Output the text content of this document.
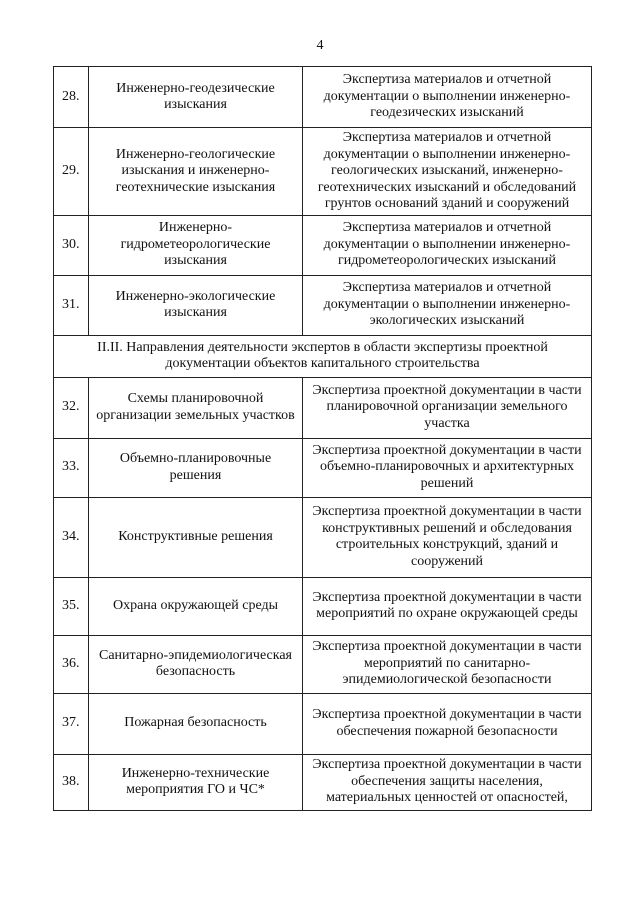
4
28.	Инженерно-геодезические изыскания	Экспертиза материалов и отчетной документации о выполнении инженерно-геодезических изысканий
29.	Инженерно-геологические изыскания и инженерно-геотехнические изыскания	Экспертиза материалов и отчетной документации о выполнении инженерно-геологических изысканий, инженерно-геотехнических изысканий и обследований грунтов оснований зданий и сооружений
30.	Инженерно-гидрометеорологические изыскания	Экспертиза материалов и отчетной документации о выполнении инженерно-гидрометеорологических изысканий
31.	Инженерно-экологические изыскания	Экспертиза материалов и отчетной документации о выполнении инженерно-экологических изысканий
II.II. Направления деятельности экспертов в области экспертизы проектной документации объектов капитального строительства		
32.	Схемы планировочной организации земельных участков	Экспертиза проектной документации в части планировочной организации земельного участка
33.	Объемно-планировочные решения	Экспертиза проектной документации в части объемно-планировочных и архитектурных решений
34.	Конструктивные решения	Экспертиза проектной документации в части конструктивных решений и обследования строительных конструкций, зданий и сооружений
35.	Охрана окружающей среды	Экспертиза проектной документации в части мероприятий по охране окружающей среды
36.	Санитарно-эпидемиологическая безопасность	Экспертиза проектной документации в части мероприятий по санитарно-эпидемиологической безопасности
37.	Пожарная безопасность	Экспертиза проектной документации в части обеспечения пожарной безопасности
38.	Инженерно-технические мероприятия ГО и ЧС*	Экспертиза проектной документации в части обеспечения защиты населения, материальных ценностей от опасностей,
